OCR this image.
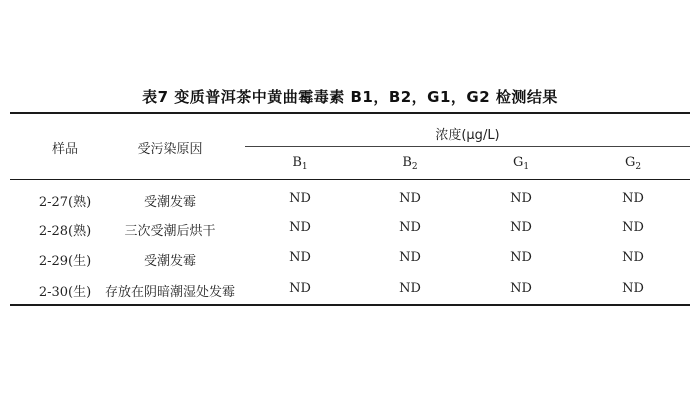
表7 变质普洱茶中黄曲霉毒素 B1，B2，G1，G2 检测结果
样品	受污染原因
浓度(μg/L)
$B_1$	$B_2$	$G_1$	$G_2$
2-27(熟)	受潮发霉	ND	ND	ND	ND
2-28(熟)	三次受潮后烘干	ND	ND	ND	ND
2-29(生)	受潮发霉	ND	ND	ND	ND
2-30(生)	存放在阴暗潮湿处发霉	ND	ND	ND	ND
